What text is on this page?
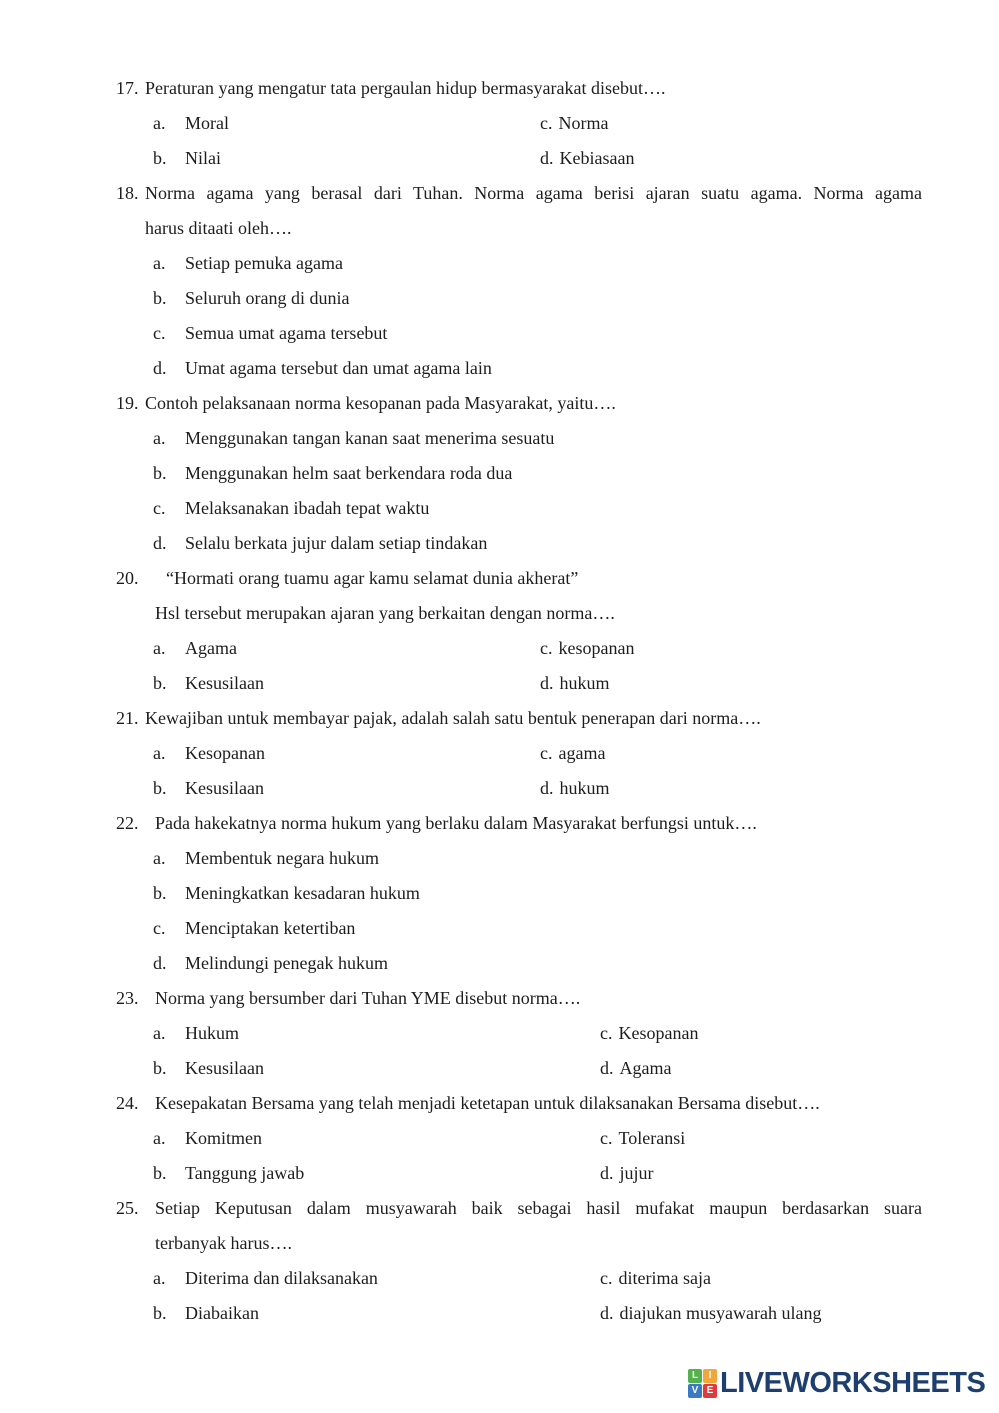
17. Peraturan yang mengatur tata pergaulan hidup bermasyarakat disebut….
a. Moral	c. Norma
b. Nilai	d. Kebiasaan
18. Norma agama yang berasal dari Tuhan. Norma agama berisi ajaran suatu agama. Norma agama
harus ditaati oleh….
a. Setiap pemuka agama
b. Seluruh orang di dunia
c. Semua umat agama tersebut
d. Umat agama tersebut dan umat agama lain
19. Contoh pelaksanaan norma kesopanan pada Masyarakat, yaitu….
a. Menggunakan tangan kanan saat menerima sesuatu
b. Menggunakan helm saat berkendara roda dua
c. Melaksanakan ibadah tepat waktu
d. Selalu berkata jujur dalam setiap tindakan
20.	“Hormati orang tuamu agar kamu selamat dunia akherat”
Hsl tersebut merupakan ajaran yang berkaitan dengan norma….
a. Agama	c. kesopanan
b. Kesusilaan	d. hukum
21. Kewajiban untuk membayar pajak, adalah salah satu bentuk penerapan dari norma….
a. Kesopanan	c. agama
b. Kesusilaan	d. hukum
22. Pada hakekatnya norma hukum yang berlaku dalam Masyarakat berfungsi untuk….
a. Membentuk negara hukum
b. Meningkatkan kesadaran hukum
c. Menciptakan ketertiban
d. Melindungi penegak hukum
23. Norma yang bersumber dari Tuhan YME disebut norma….
a. Hukum	c. Kesopanan
b. Kesusilaan	d. Agama
24. Kesepakatan Bersama yang telah menjadi ketetapan untuk dilaksanakan Bersama disebut….
a. Komitmen	c. Toleransi
b. Tanggung jawab	d. jujur
25. Setiap Keputusan dalam musyawarah baik sebagai hasil mufakat maupun berdasarkan suara
terbanyak harus….
a. Diterima dan dilaksanakan	c. diterima saja
b. Diabaikan	d. diajukan musyawarah ulang
L	I
V E LIVEWORKSHEETS
